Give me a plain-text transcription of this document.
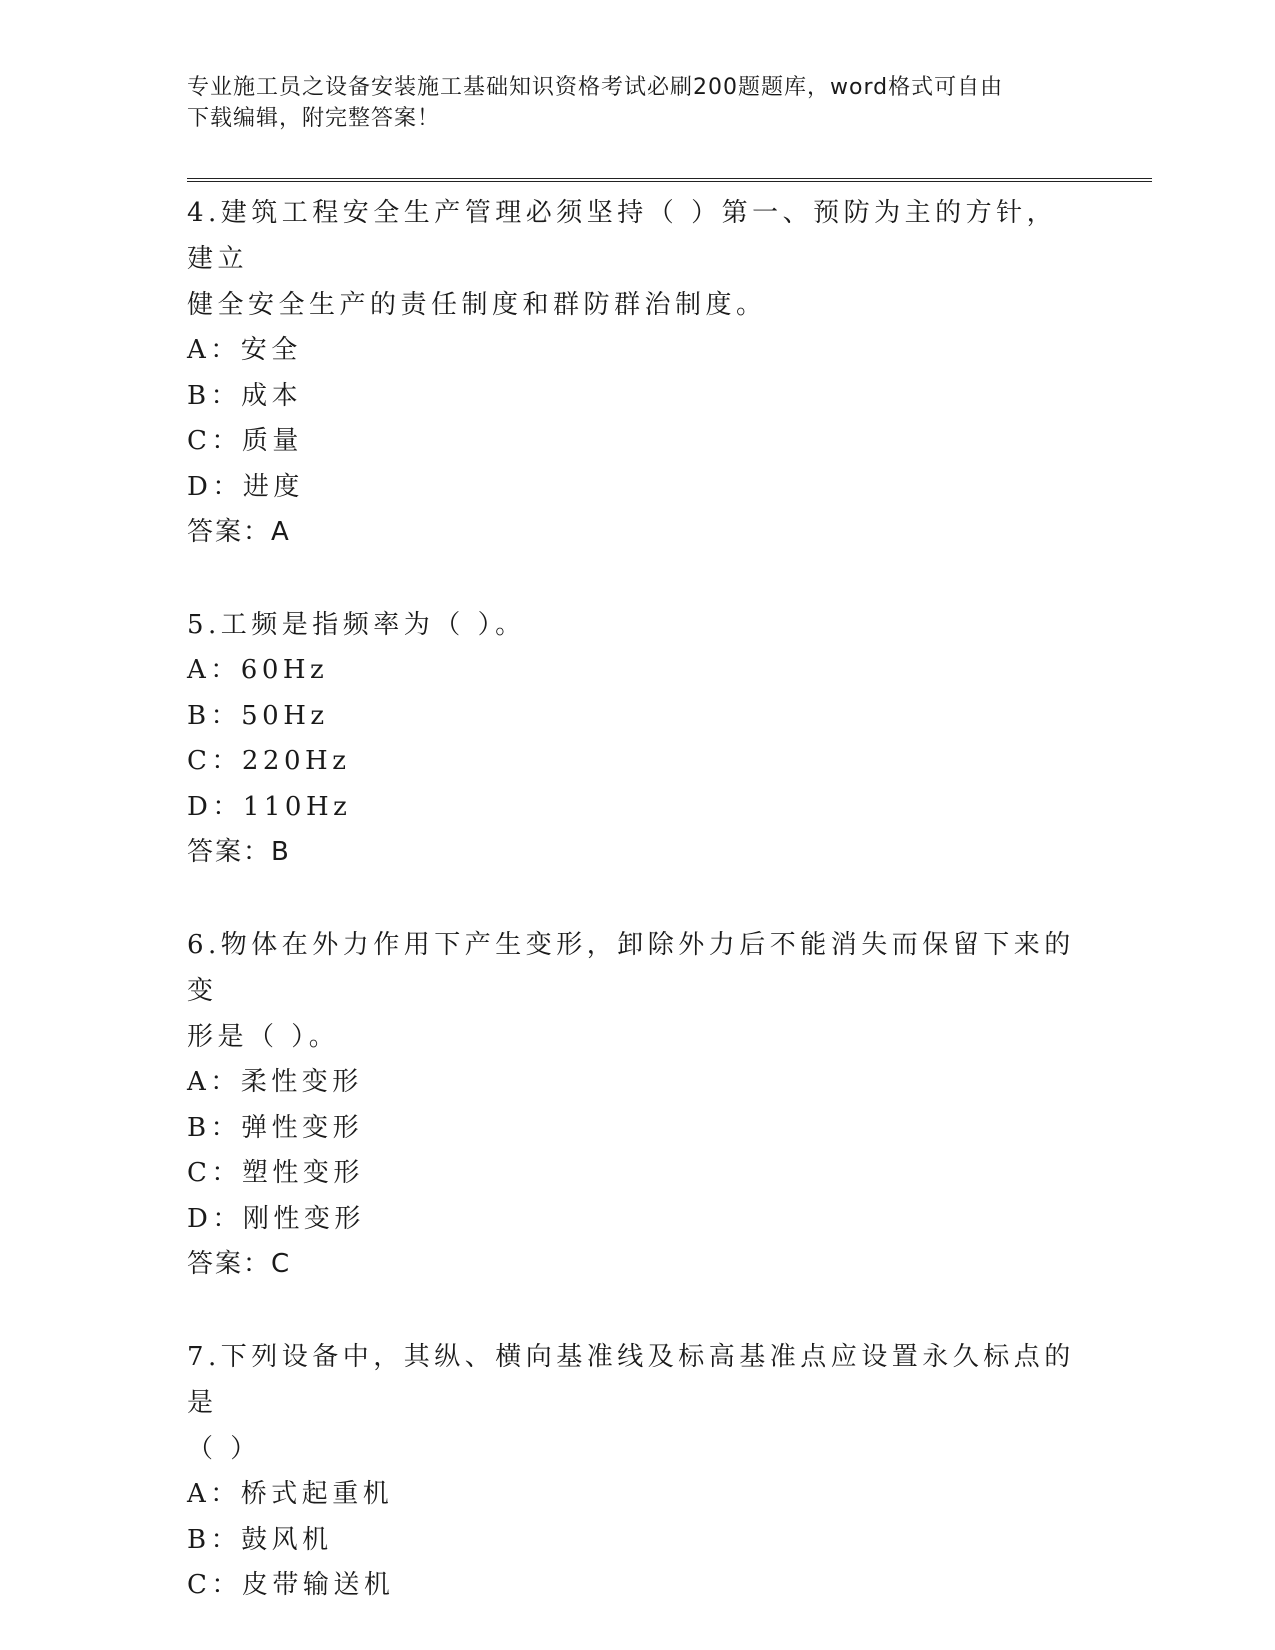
专业施工员之设备安装施工基础知识资格考试必刷200题题库，word格式可自由
下载编辑，附完整答案！

4.建筑工程安全生产管理必须坚持（ ）第一、预防为主的方针，建立

健全安全生产的责任制度和群防群治制度。

A：安全

B：成本

C：质量

D：进度

答案：A

5.工频是指频率为（ ）。

A：60Hz

B：50Hz

C：220Hz

D：110Hz

答案：B

6.物体在外力作用下产生变形，卸除外力后不能消失而保留下来的变

形是（ ）。

A：柔性变形

B：弹性变形

C：塑性变形

D：刚性变形

答案：C

7.下列设备中，其纵、横向基准线及标高基准点应设置永久标点的是

（ ）

A：桥式起重机

B：鼓风机

C：皮带输送机
